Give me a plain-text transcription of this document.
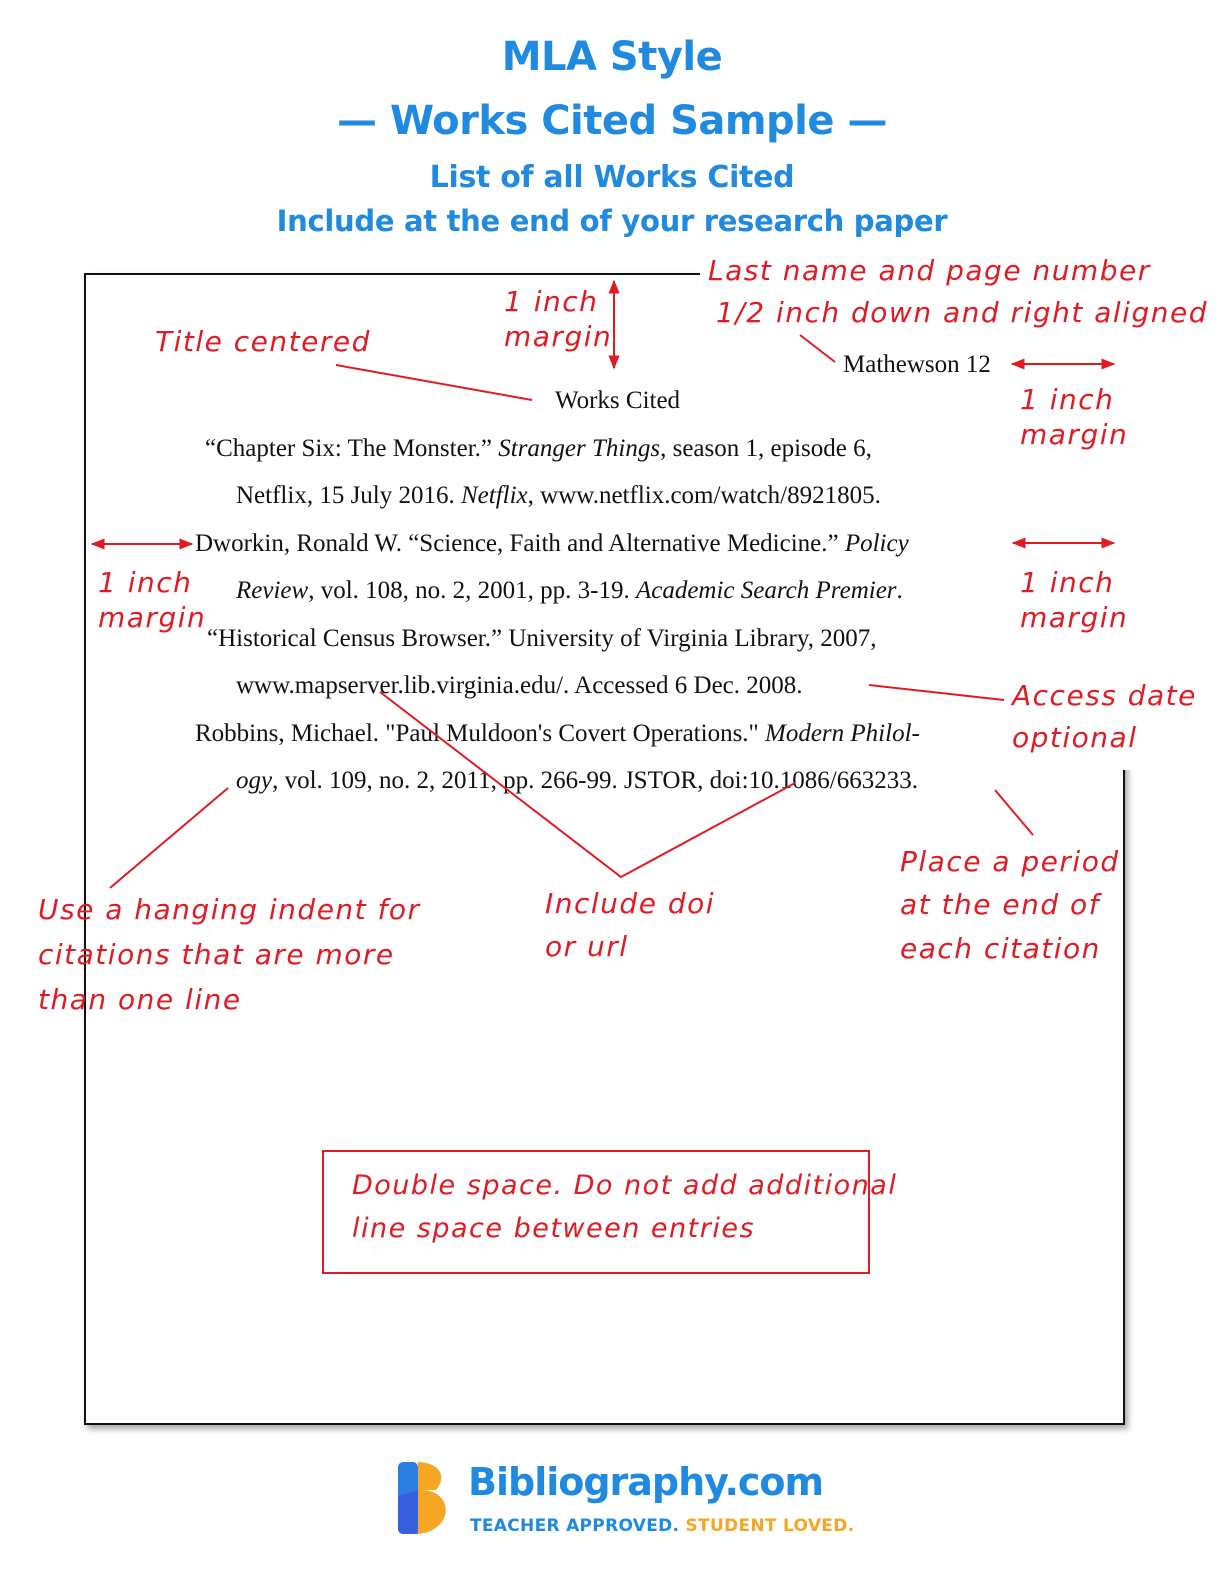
MLA Style
— Works Cited Sample —
List of all Works Cited
Include at the end of your research paper
Mathewson 12
Works Cited
“Chapter Six: The Monster.” Stranger Things, season 1, episode 6,
Netflix, 15 July 2016. Netflix, www.netflix.com/watch/8921805.
Dworkin, Ronald W. “Science, Faith and Alternative Medicine.” Policy
Review, vol. 108, no. 2, 2001, pp. 3-19. Academic Search Premier.
“Historical Census Browser.” University of Virginia Library, 2007,
www.mapserver.lib.virginia.edu/. Accessed 6 Dec. 2008.
Robbins, Michael. "Paul Muldoon's Covert Operations." Modern Philol-
ogy, vol. 109, no. 2, 2011, pp. 266-99. JSTOR, doi:10.1086/663233.
1 inch
margin
Last name and page number
1/2 inch down and right aligned
Title centered
1 inch
margin
1 inch
margin
1 inch
margin
Access date
optional
Use a hanging indent for
citations that are more
than one line
Include doi
or url
Place a period
at the end of
each citation
Double space. Do not add additional
line space between entries
Bibliography.com
TEACHER APPROVED. STUDENT LOVED.
